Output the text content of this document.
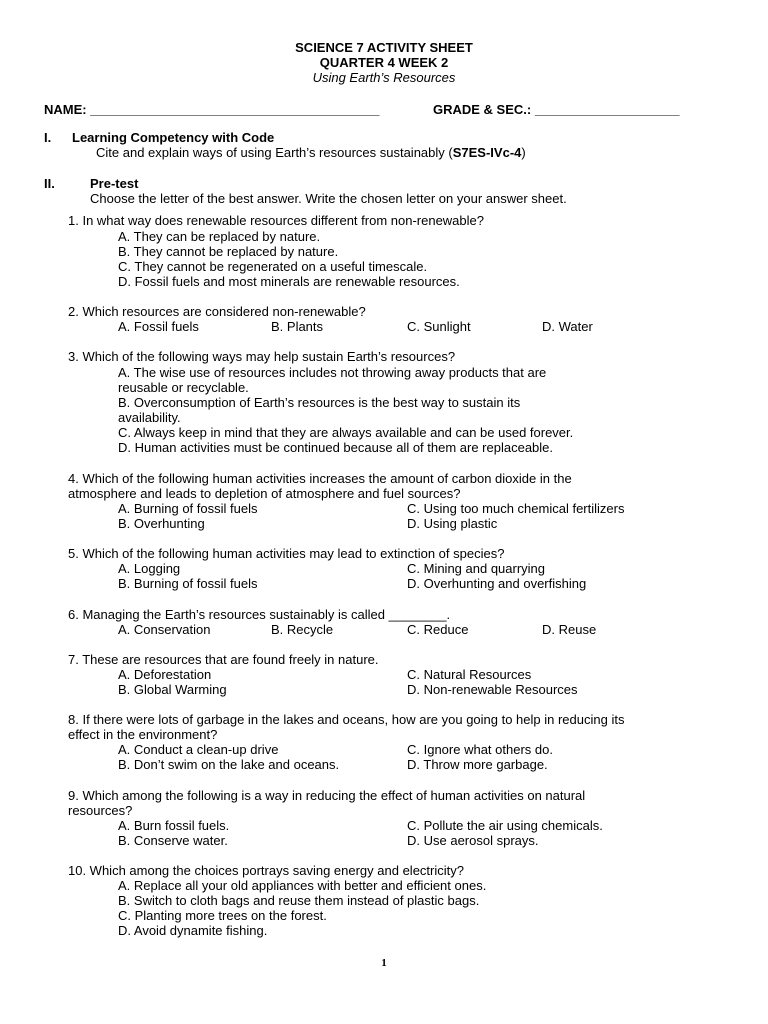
SCIENCE 7 ACTIVITY SHEET
QUARTER 4 WEEK 2
Using Earth’s Resources
NAME: ________________________________________	GRADE & SEC.: ____________________
I. Learning Competency with Code
Cite and explain ways of using Earth’s resources sustainably (S7ES-IVc-4)
II.	Pre-test
Choose the letter of the best answer. Write the chosen letter on your answer sheet.
1. In what way does renewable resources different from non-renewable?
A. They can be replaced by nature.
B. They cannot be replaced by nature.
C. They cannot be regenerated on a useful timescale.
D. Fossil fuels and most minerals are renewable resources.
2. Which resources are considered non-renewable?
A. Fossil fuels	B. Plants	C. Sunlight	D. Water
3. Which of the following ways may help sustain Earth’s resources?
A. The wise use of resources includes not throwing away products that are
reusable or recyclable.
B. Overconsumption of Earth’s resources is the best way to sustain its
availability.
C. Always keep in mind that they are always available and can be used forever.
D. Human activities must be continued because all of them are replaceable.
4. Which of the following human activities increases the amount of carbon dioxide in the
atmosphere and leads to depletion of atmosphere and fuel sources?
A. Burning of fossil fuels	C. Using too much chemical fertilizers
B. Overhunting	D. Using plastic
5. Which of the following human activities may lead to extinction of species?
A. Logging	C. Mining and quarrying
B. Burning of fossil fuels	D. Overhunting and overfishing
6. Managing the Earth’s resources sustainably is called ________.
A. Conservation	B. Recycle	C. Reduce	D. Reuse
7. These are resources that are found freely in nature.
A. Deforestation	C. Natural Resources
B. Global Warming	D. Non-renewable Resources
8. If there were lots of garbage in the lakes and oceans, how are you going to help in reducing its
effect in the environment?
A. Conduct a clean-up drive	C. Ignore what others do.
B. Don’t swim on the lake and oceans.	D. Throw more garbage.
9. Which among the following is a way in reducing the effect of human activities on natural
resources?
A. Burn fossil fuels.	C. Pollute the air using chemicals.
B. Conserve water.	D. Use aerosol sprays.
10. Which among the choices portrays saving energy and electricity?
A. Replace all your old appliances with better and efficient ones.
B. Switch to cloth bags and reuse them instead of plastic bags.
C. Planting more trees on the forest.
D. Avoid dynamite fishing.
1
